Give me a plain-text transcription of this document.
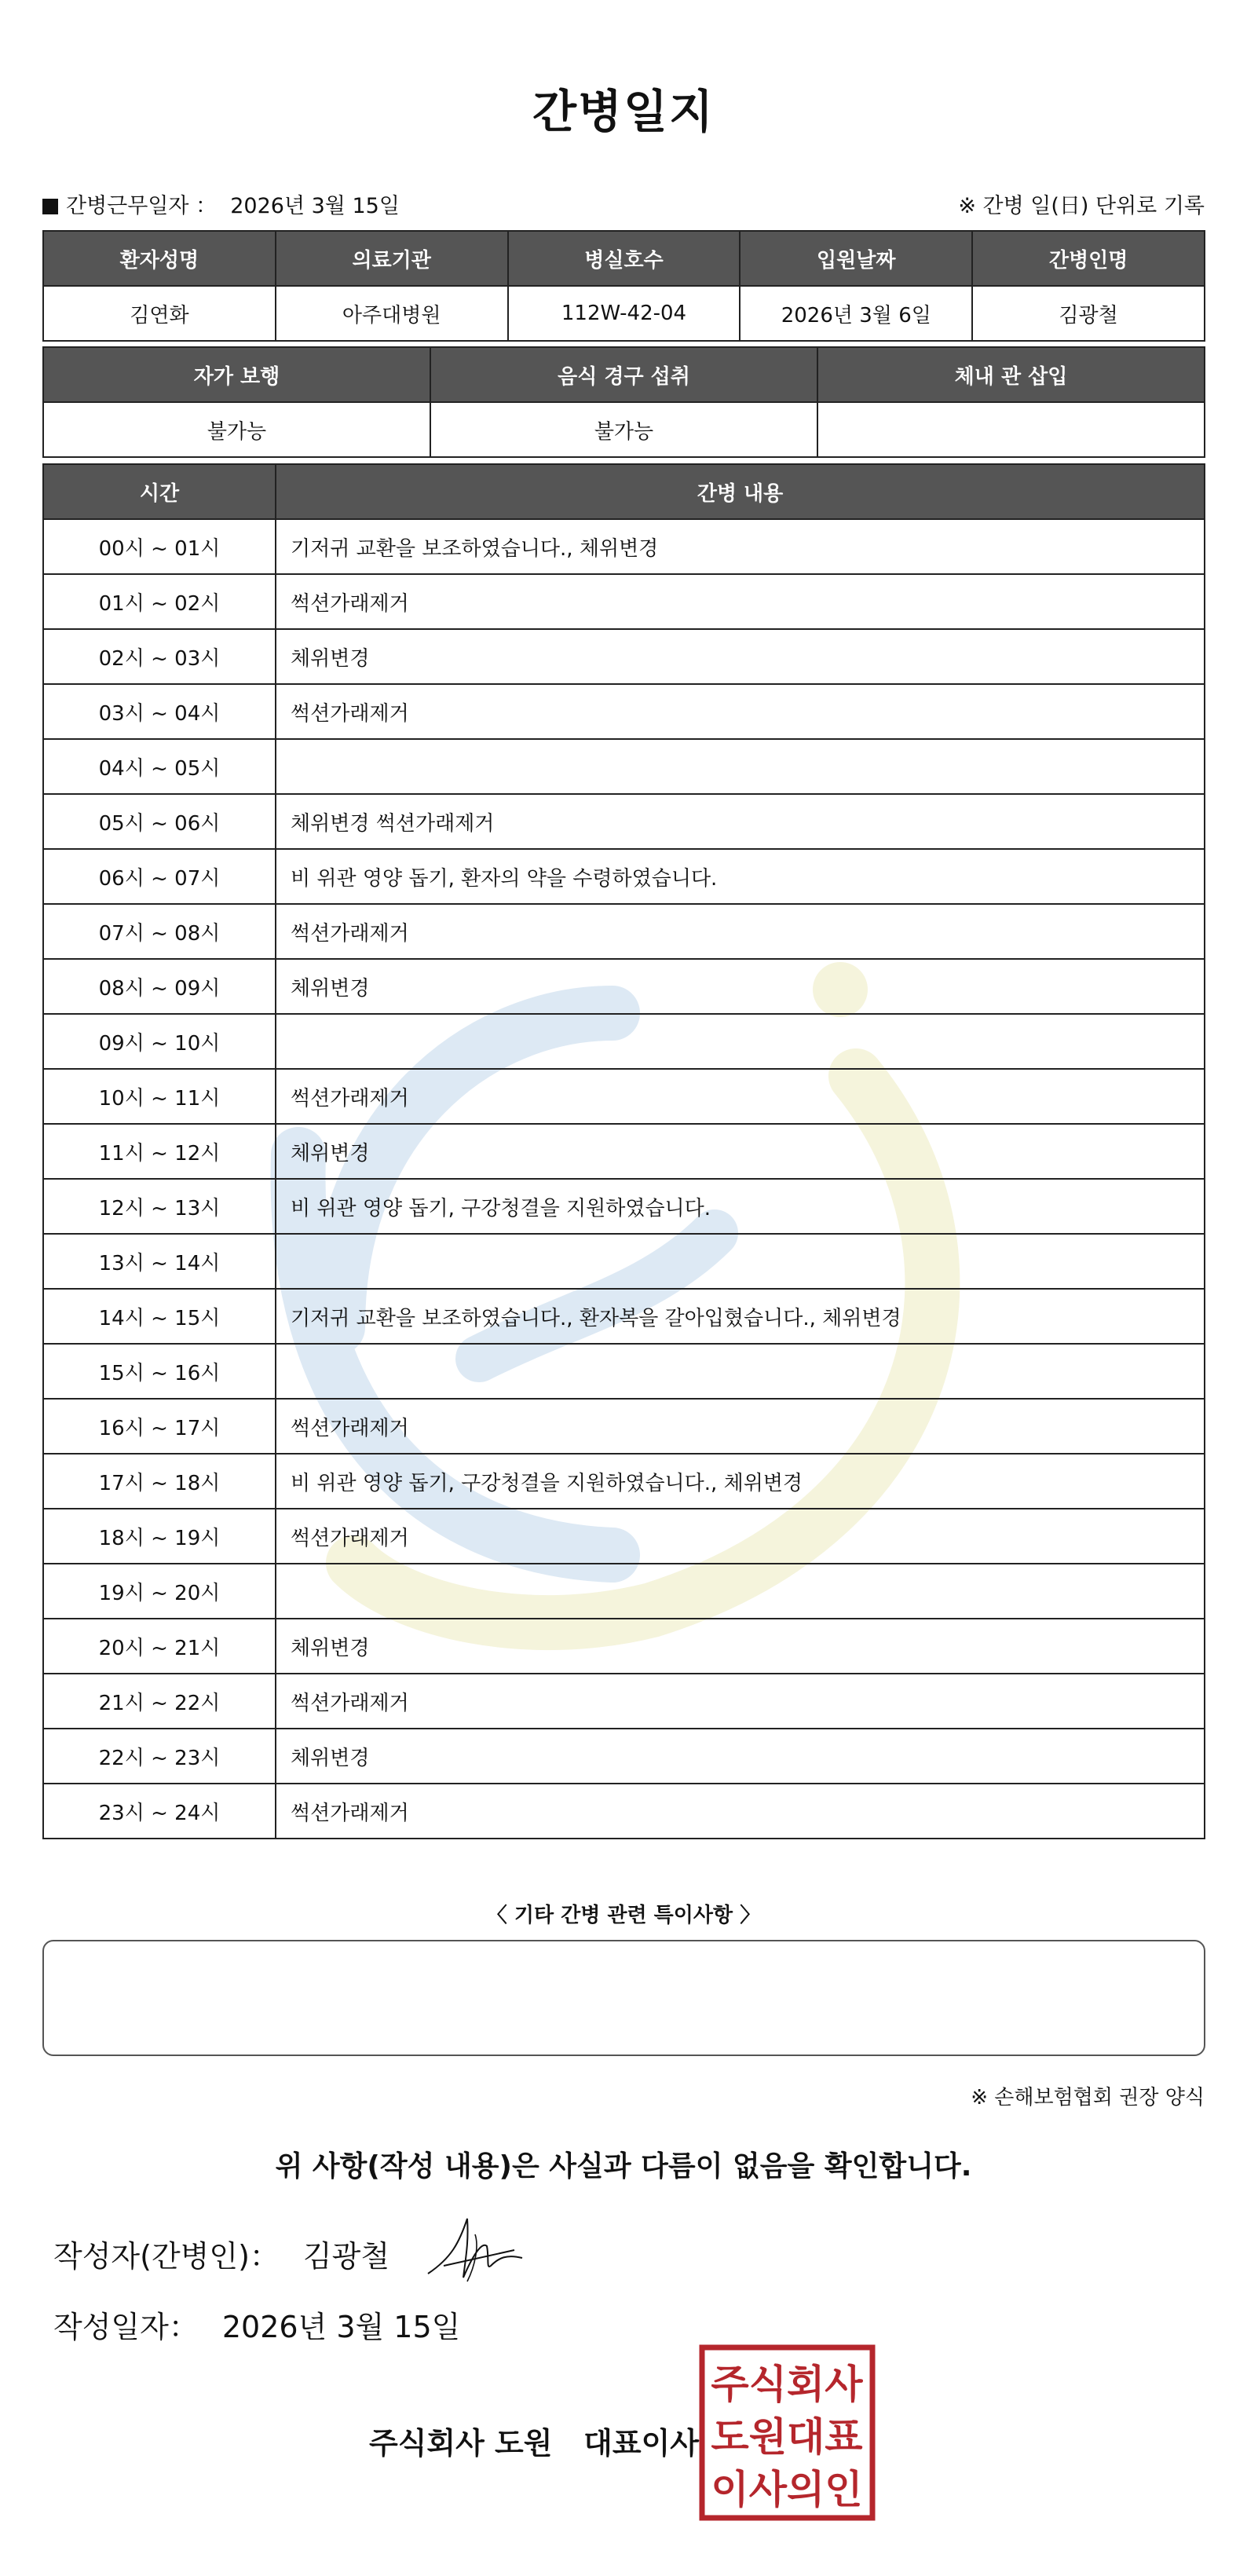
간병일지
간병근무일자 ： 2026년 3월 15일	※ 간병 일(日) 단위로 기록
환자성명	의료기관	병실호수	입원날짜	간병인명
김연화	아주대병원	112W-42-04	2026년 3월 6일	김광철
자가 보행	음식 경구 섭취	체내 관 삽입
불가능	불가능	
시간	간병 내용
00시 ~ 01시	기저귀 교환을 보조하였습니다., 체위변경
01시 ~ 02시	썩션가래제거
02시 ~ 03시	체위변경
03시 ~ 04시	썩션가래제거
04시 ~ 05시	
05시 ~ 06시	체위변경 썩션가래제거
06시 ~ 07시	비 위관 영양 돕기, 환자의 약을 수령하였습니다.
07시 ~ 08시	썩션가래제거
08시 ~ 09시	체위변경
09시 ~ 10시	
10시 ~ 11시	썩션가래제거
11시 ~ 12시	체위변경
12시 ~ 13시	비 위관 영양 돕기, 구강청결을 지원하였습니다.
13시 ~ 14시	
14시 ~ 15시	기저귀 교환을 보조하였습니다., 환자복을 갈아입혔습니다., 체위변경
15시 ~ 16시	
16시 ~ 17시	썩션가래제거
17시 ~ 18시	비 위관 영양 돕기, 구강청결을 지원하였습니다., 체위변경
18시 ~ 19시	썩션가래제거
19시 ~ 20시	
20시 ~ 21시	체위변경
21시 ~ 22시	썩션가래제거
22시 ~ 23시	체위변경
23시 ~ 24시	썩션가래제거
〈 기타 간병 관련 특이사항 〉
※ 손해보험협회 권장 양식
위 사항(작성 내용)은 사실과 다름이 없음을 확인합니다.
작성자(간병인)： 김광철
작성일자： 2026년 3월 15일
주식회사 도원   대표이사
주식회사
도원대표
이사의인
